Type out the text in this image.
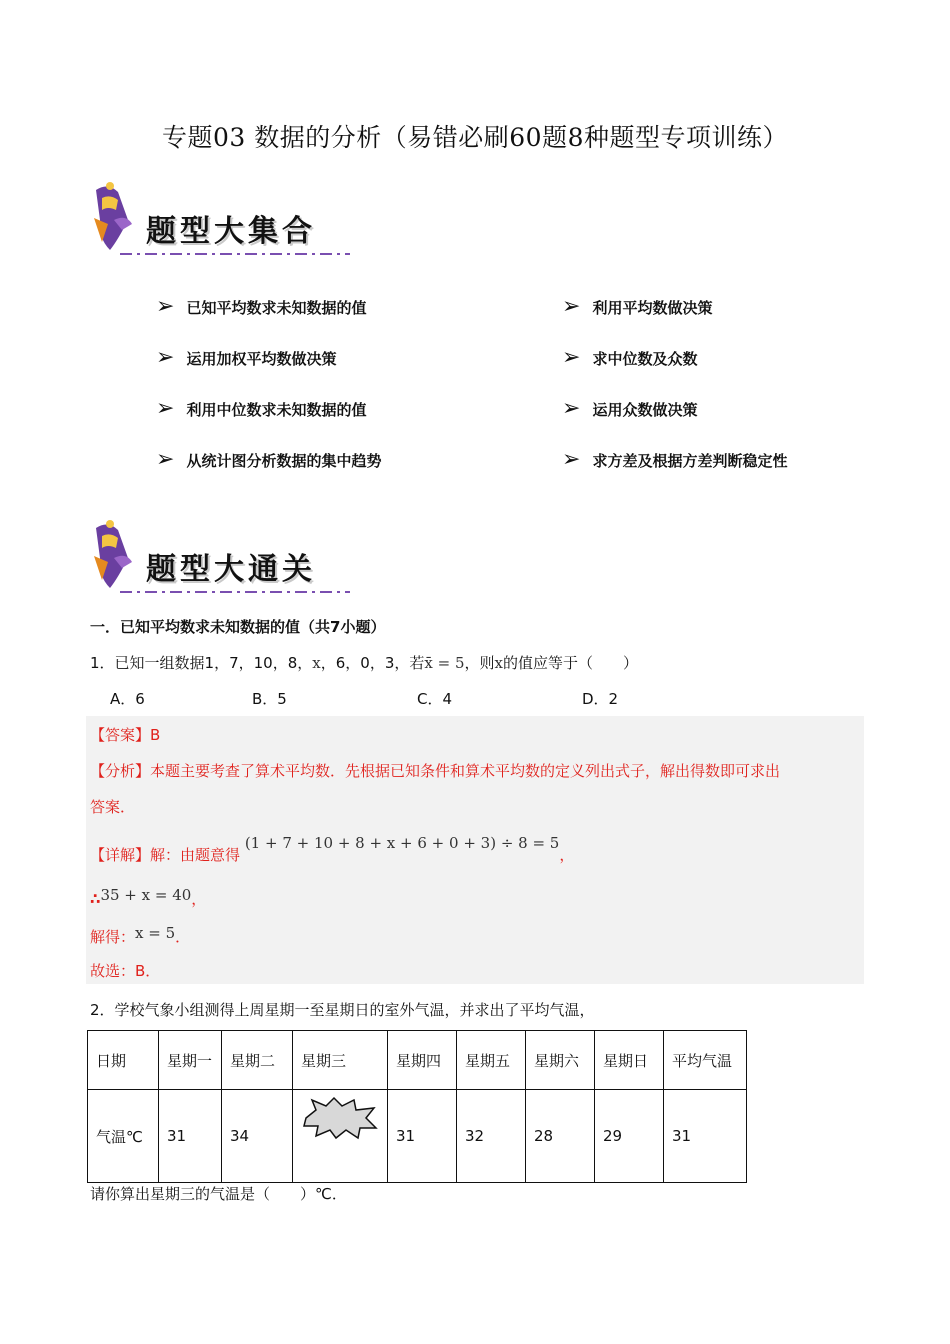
专题03 数据的分析（易错必刷60题8种题型专项训练）
题型大集合
➢ 已知平均数求未知数据的值	➢ 利用平均数做决策
➢ 运用加权平均数做决策	➢ 求中位数及众数
➢ 利用中位数求未知数据的值	➢ 运用众数做决策
➢ 从统计图分析数据的集中趋势	➢ 求方差及根据方差判断稳定性
题型大通关
一．已知平均数求未知数据的值（共7小题）
1．已知一组数据1，7，10，8，x，6，0，3，若x̄ = 5，则x的值应等于（　　）
A．6	B．5	C．4	D．2
【答案】B
【分析】本题主要考查了算术平均数．先根据已知条件和算术平均数的定义列出式子，解出得数即可求出
答案．
【详解】解：由题意得 (1 + 7 + 10 + 8 + x + 6 + 0 + 3) ÷ 8 = 5，
∴35 + x = 40，
解得：x = 5．
故选：B．
2．学校气象小组测得上周星期一至星期日的室外气温，并求出了平均气温，
日期	星期一	星期二	星期三	星期四	星期五	星期六	星期日	平均气温
气温℃	31	34		31	32	28	29	31
请你算出星期三的气温是（　　）℃．
